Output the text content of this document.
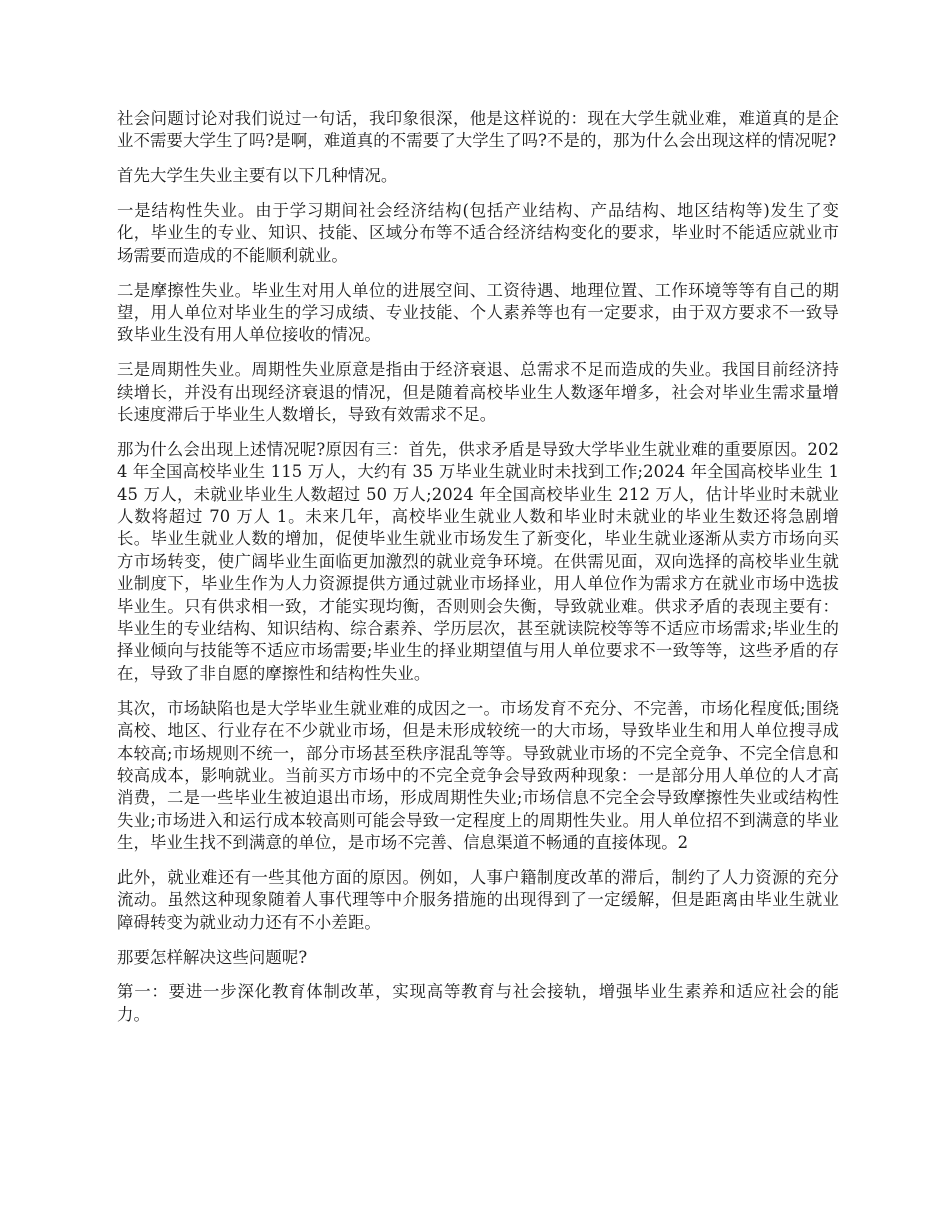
社会问题讨论对我们说过一句话，我印象很深，他是这样说的：现在大学生就业难，难道真的是企业不需要大学生了吗?是啊，难道真的不需要了大学生了吗?不是的，那为什么会出现这样的情况呢?

首先大学生失业主要有以下几种情况。

一是结构性失业。由于学习期间社会经济结构(包括产业结构、产品结构、地区结构等)发生了变化，毕业生的专业、知识、技能、区域分布等不适合经济结构变化的要求，毕业时不能适应就业市场需要而造成的不能顺利就业。

二是摩擦性失业。毕业生对用人单位的进展空间、工资待遇、地理位置、工作环境等等有自己的期望，用人单位对毕业生的学习成绩、专业技能、个人素养等也有一定要求，由于双方要求不一致导致毕业生没有用人单位接收的情况。

三是周期性失业。周期性失业原意是指由于经济衰退、总需求不足而造成的失业。我国目前经济持续增长，并没有出现经济衰退的情况，但是随着高校毕业生人数逐年增多，社会对毕业生需求量增长速度滞后于毕业生人数增长，导致有效需求不足。

那为什么会出现上述情况呢?原因有三：首先，供求矛盾是导致大学毕业生就业难的重要原因。2024 年全国高校毕业生 115 万人，大约有 35 万毕业生就业时未找到工作;2024 年全国高校毕业生 145 万人，未就业毕业生人数超过 50 万人;2024 年全国高校毕业生 212 万人，估计毕业时未就业人数将超过 70 万人 1。未来几年，高校毕业生就业人数和毕业时未就业的毕业生数还将急剧增长。毕业生就业人数的增加，促使毕业生就业市场发生了新变化，毕业生就业逐渐从卖方市场向买方市场转变，使广阔毕业生面临更加激烈的就业竞争环境。在供需见面，双向选择的高校毕业生就业制度下，毕业生作为人力资源提供方通过就业市场择业，用人单位作为需求方在就业市场中选拔毕业生。只有供求相一致，才能实现均衡，否则则会失衡，导致就业难。供求矛盾的表现主要有：毕业生的专业结构、知识结构、综合素养、学历层次，甚至就读院校等等不适应市场需求;毕业生的择业倾向与技能等不适应市场需要;毕业生的择业期望值与用人单位要求不一致等等，这些矛盾的存在，导致了非自愿的摩擦性和结构性失业。

其次，市场缺陷也是大学毕业生就业难的成因之一。市场发育不充分、不完善，市场化程度低;围绕高校、地区、行业存在不少就业市场，但是未形成较统一的大市场，导致毕业生和用人单位搜寻成本较高;市场规则不统一，部分市场甚至秩序混乱等等。导致就业市场的不完全竞争、不完全信息和较高成本，影响就业。当前买方市场中的不完全竞争会导致两种现象：一是部分用人单位的人才高消费，二是一些毕业生被迫退出市场，形成周期性失业;市场信息不完全会导致摩擦性失业或结构性失业;市场进入和运行成本较高则可能会导致一定程度上的周期性失业。用人单位招不到满意的毕业生，毕业生找不到满意的单位，是市场不完善、信息渠道不畅通的直接体现。2

此外，就业难还有一些其他方面的原因。例如，人事户籍制度改革的滞后，制约了人力资源的充分流动。虽然这种现象随着人事代理等中介服务措施的出现得到了一定缓解，但是距离由毕业生就业障碍转变为就业动力还有不小差距。

那要怎样解决这些问题呢?

第一：要进一步深化教育体制改革，实现高等教育与社会接轨，增强毕业生素养和适应社会的能力。
